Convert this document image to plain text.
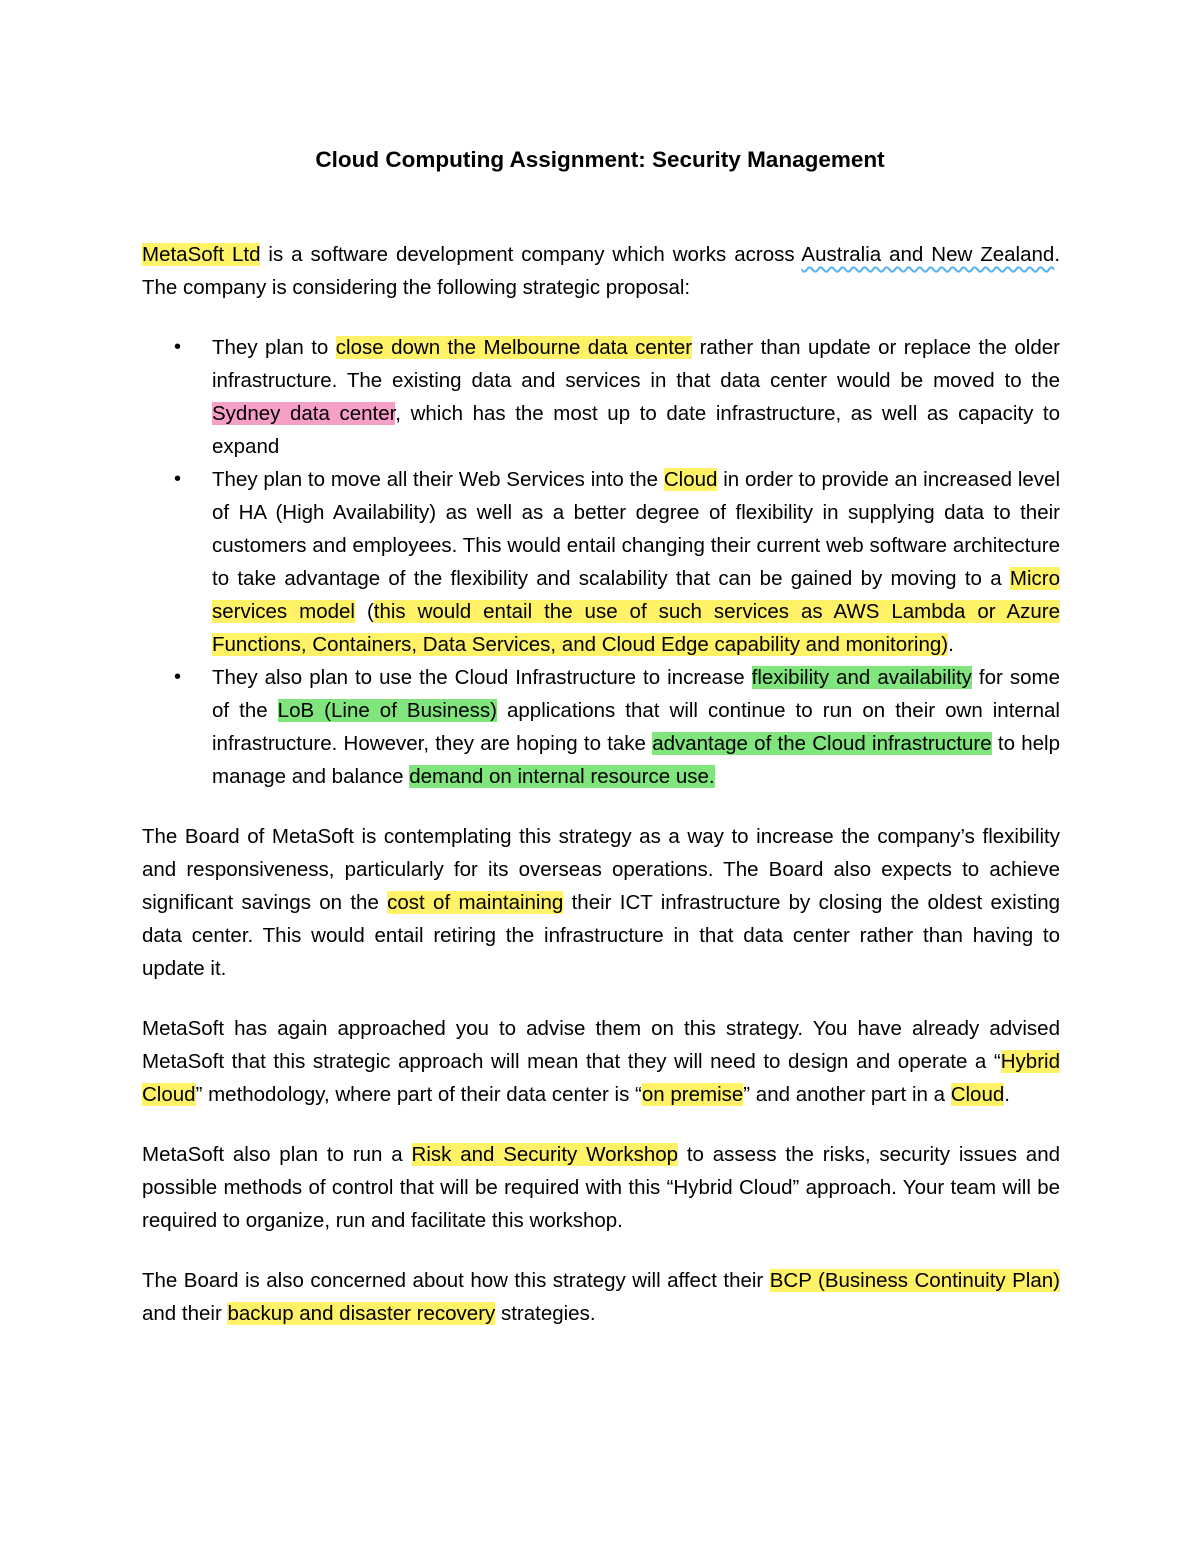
Cloud Computing Assignment: Security Management

MetaSoft Ltd is a software development company which works across Australia and New Zealand. The company is considering the following strategic proposal:

• They plan to close down the Melbourne data center rather than update or replace the older infrastructure. The existing data and services in that data center would be moved to the Sydney data center, which has the most up to date infrastructure, as well as capacity to expand
• They plan to move all their Web Services into the Cloud in order to provide an increased level of HA (High Availability) as well as a better degree of flexibility in supplying data to their customers and employees. This would entail changing their current web software architecture to take advantage of the flexibility and scalability that can be gained by moving to a Micro services model (this would entail the use of such services as AWS Lambda or Azure Functions, Containers, Data Services, and Cloud Edge capability and monitoring).
• They also plan to use the Cloud Infrastructure to increase flexibility and availability for some of the LoB (Line of Business) applications that will continue to run on their own internal infrastructure. However, they are hoping to take advantage of the Cloud infrastructure to help manage and balance demand on internal resource use.

The Board of MetaSoft is contemplating this strategy as a way to increase the company’s flexibility and responsiveness, particularly for its overseas operations. The Board also expects to achieve significant savings on the cost of maintaining their ICT infrastructure by closing the oldest existing data center. This would entail retiring the infrastructure in that data center rather than having to update it.

MetaSoft has again approached you to advise them on this strategy. You have already advised MetaSoft that this strategic approach will mean that they will need to design and operate a “Hybrid Cloud” methodology, where part of their data center is “on premise” and another part in a Cloud.

MetaSoft also plan to run a Risk and Security Workshop to assess the risks, security issues and possible methods of control that will be required with this “Hybrid Cloud” approach. Your team will be required to organize, run and facilitate this workshop.

The Board is also concerned about how this strategy will affect their BCP (Business Continuity Plan) and their backup and disaster recovery strategies.
